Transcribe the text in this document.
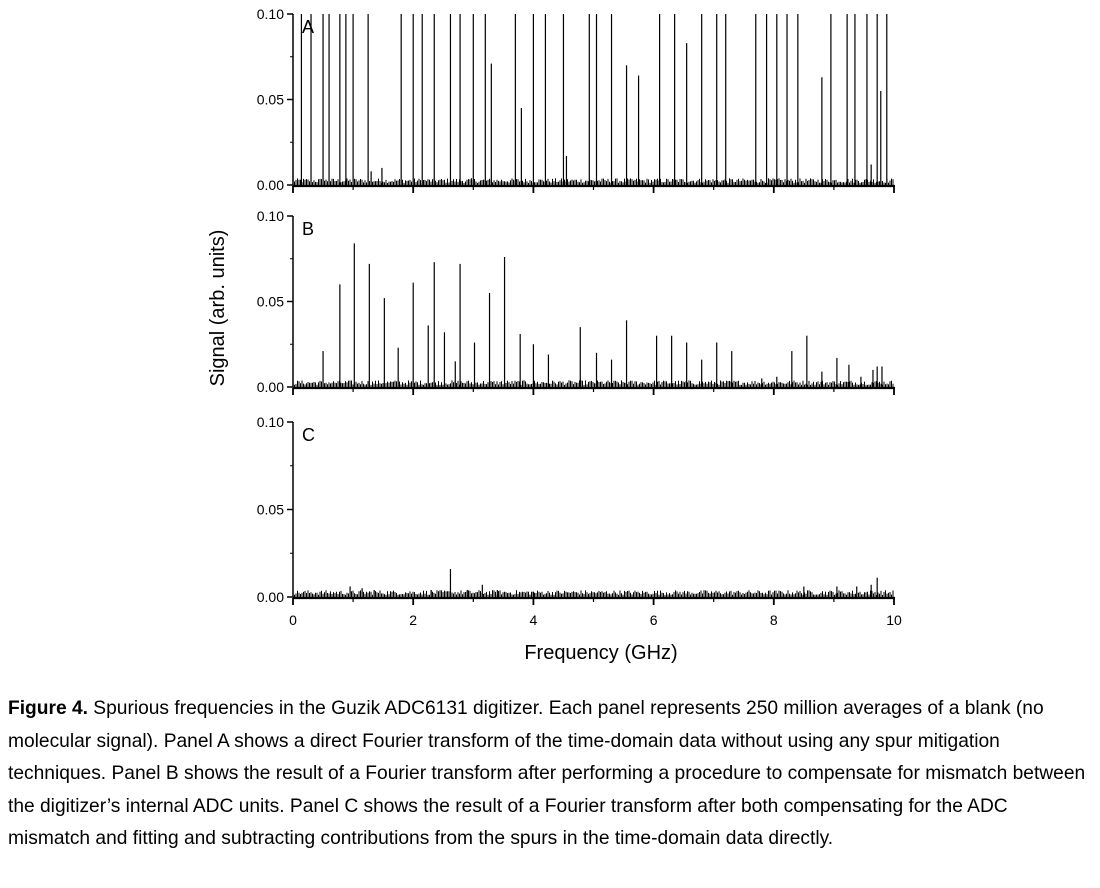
0.00
0.05
0.10
A
0.00
0.05
0.10
B
0.00
0.05
0.10
C
0	2	4	6	8	10
Frequency (GHz)
Signal (arb. units)

Figure 4. Spurious frequencies in the Guzik ADC6131 digitizer. Each panel represents 250 million averages of a blank (no molecular signal). Panel A shows a direct Fourier transform of the time-domain data without using any spur mitigation techniques. Panel B shows the result of a Fourier transform after performing a procedure to compensate for mismatch between the digitizer’s internal ADC units. Panel C shows the result of a Fourier transform after both compensating for the ADC mismatch and fitting and subtracting contributions from the spurs in the time-domain data directly.
